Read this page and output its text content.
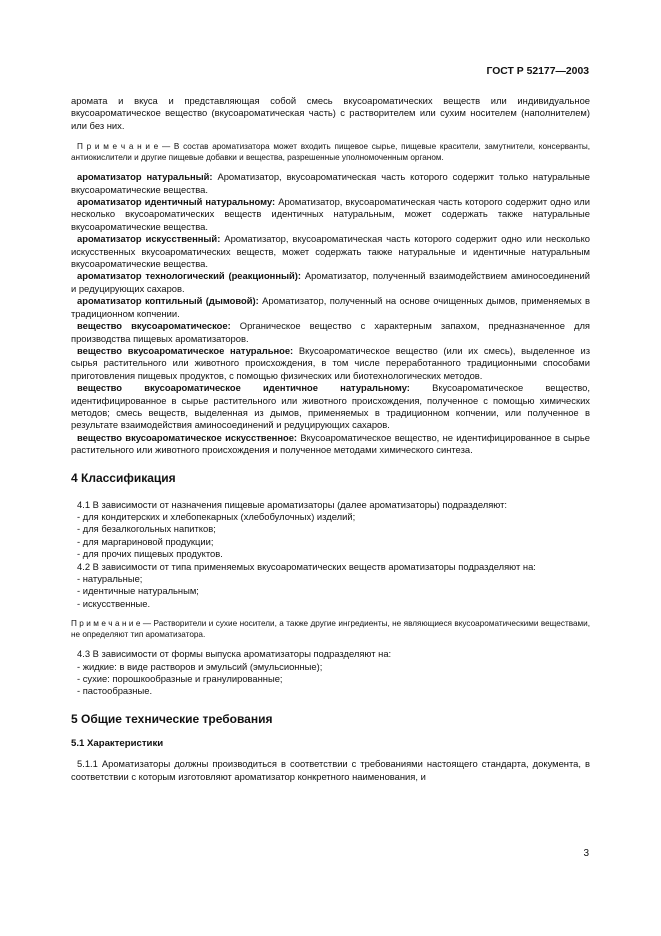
ГОСТ Р 52177—2003

аромата и вкуса и представляющая собой смесь вкусоароматических веществ или индивидуальное вкусоароматическое вещество (вкусоароматическая часть) с растворителем или сухим носителем (наполнителем) или без них.

П р и м е ч а н и е — В состав ароматизатора может входить пищевое сырье, пищевые красители, замутнители, консерванты, антиокислители и другие пищевые добавки и вещества, разрешенные уполномоченным органом.

ароматизатор натуральный: Ароматизатор, вкусоароматическая часть которого содержит только натуральные вкусоароматические вещества.

ароматизатор идентичный натуральному: Ароматизатор, вкусоароматическая часть которого содержит одно или несколько вкусоароматических веществ идентичных натуральным, может содержать также натуральные вкусоароматические вещества.

ароматизатор искусственный: Ароматизатор, вкусоароматическая часть которого содержит одно или несколько искусственных вкусоароматических веществ, может содержать также натуральные и идентичные натуральным вкусоароматические вещества.

ароматизатор технологический (реакционный): Ароматизатор, полученный взаимодействием аминосоединений и редуцирующих сахаров.

ароматизатор коптильный (дымовой): Ароматизатор, полученный на основе очищенных дымов, применяемых в традиционном копчении.

вещество вкусоароматическое: Органическое вещество с характерным запахом, предназначенное для производства пищевых ароматизаторов.

вещество вкусоароматическое натуральное: Вкусоароматическое вещество (или их смесь), выделенное из сырья растительного или животного происхождения, в том числе переработанного традиционными способами приготовления пищевых продуктов, с помощью физических или биотехнологических методов.

вещество вкусоароматическое идентичное натуральному: Вкусоароматическое вещество, идентифицированное в сырье растительного или животного происхождения, полученное с помощью химических методов; смесь веществ, выделенная из дымов, применяемых в традиционном копчении, или полученное в результате взаимодействия аминосоединений и редуцирующих сахаров.

вещество вкусоароматическое искусственное: Вкусоароматическое вещество, не идентифицированное в сырье растительного или животного происхождения и полученное методами химического синтеза.

4 Классификация

4.1 В зависимости от назначения пищевые ароматизаторы (далее ароматизаторы) подразделяют:

- для кондитерских и хлебопекарных (хлебобулочных) изделий;

- для безалкогольных напитков;

- для маргариновой продукции;

- для прочих пищевых продуктов.

4.2 В зависимости от типа применяемых вкусоароматических веществ ароматизаторы подразделяют на:

- натуральные;

- идентичные натуральным;

- искусственные.

П р и м е ч а н и е — Растворители и сухие носители, а также другие ингредиенты, не являющиеся вкусоароматическими веществами, не определяют тип ароматизатора.

4.3 В зависимости от формы выпуска ароматизаторы подразделяют на:

- жидкие: в виде растворов и эмульсий (эмульсионные);

- сухие: порошкообразные и гранулированные;

- пастообразные.

5 Общие технические требования

5.1 Характеристики

5.1.1 Ароматизаторы должны производиться в соответствии с требованиями настоящего стандарта, документа, в соответствии с которым изготовляют ароматизатор конкретного наименования, и

3
